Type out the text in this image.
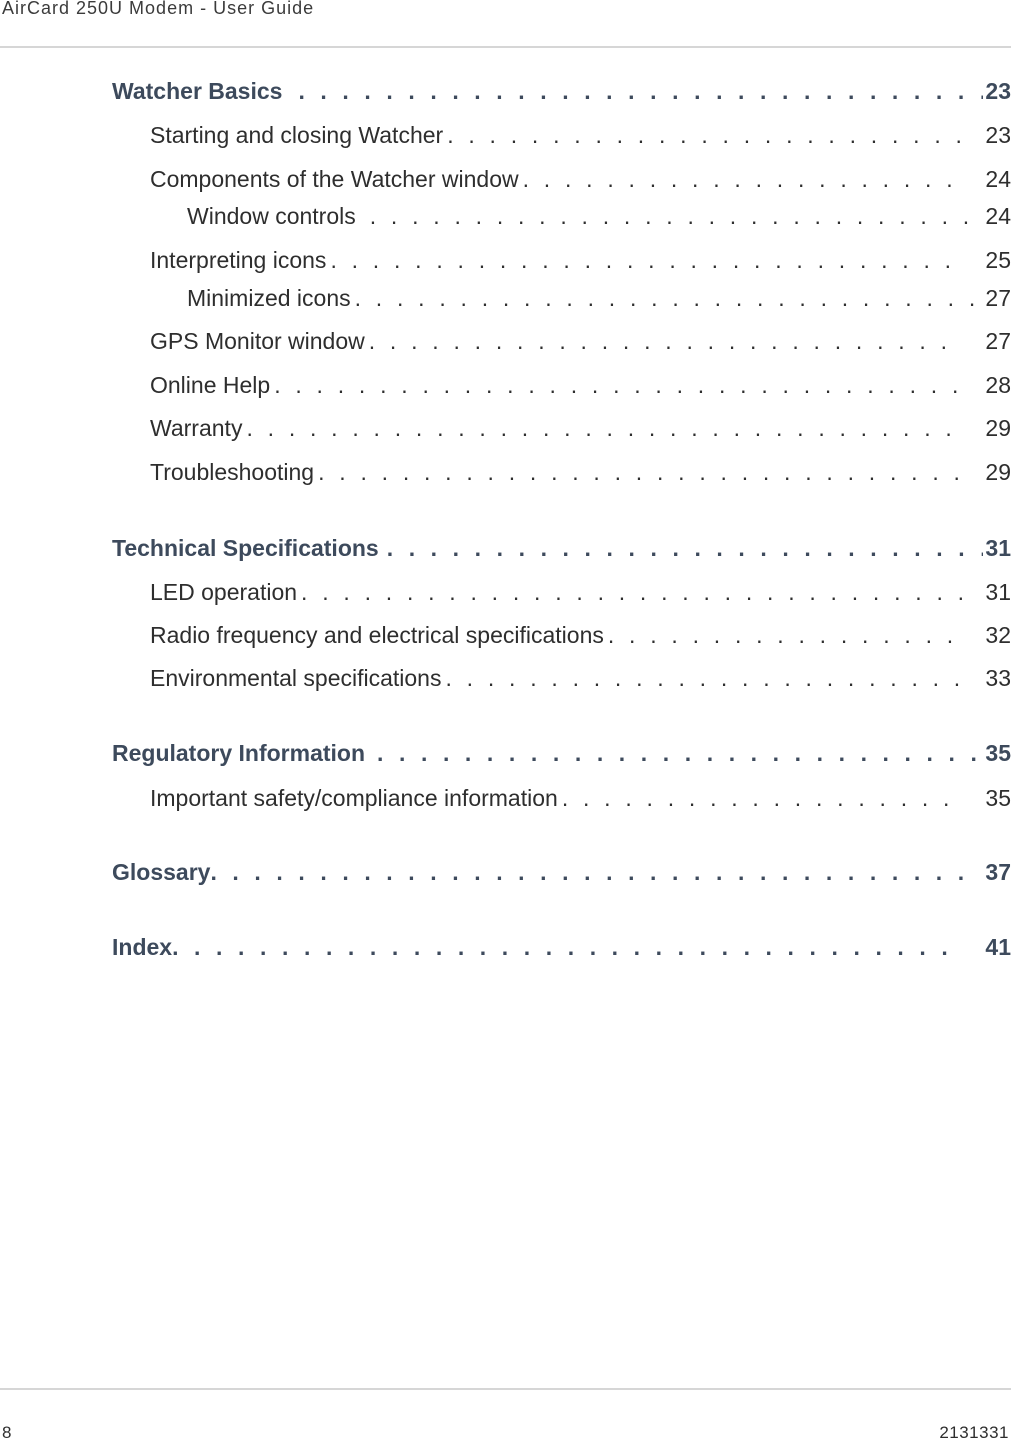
AirCard 250U Modem - User Guide
Watcher Basics . . .	23
Starting and closing Watcher . . .	23
Components of the Watcher window . . .	24
Window controls . . .	24
Interpreting icons . . .	25
Minimized icons . . .	27
GPS Monitor window . . .	27
Online Help . . .	28
Warranty . . .	29
Troubleshooting . . .	29
Technical Specifications . . .	31
LED operation . . .	31
Radio frequency and electrical specifications . . .	32
Environmental specifications . . .	33
Regulatory Information . . .	35
Important safety/compliance information . . .	35
Glossary . . .	37
Index . . .	41
8	2131331
